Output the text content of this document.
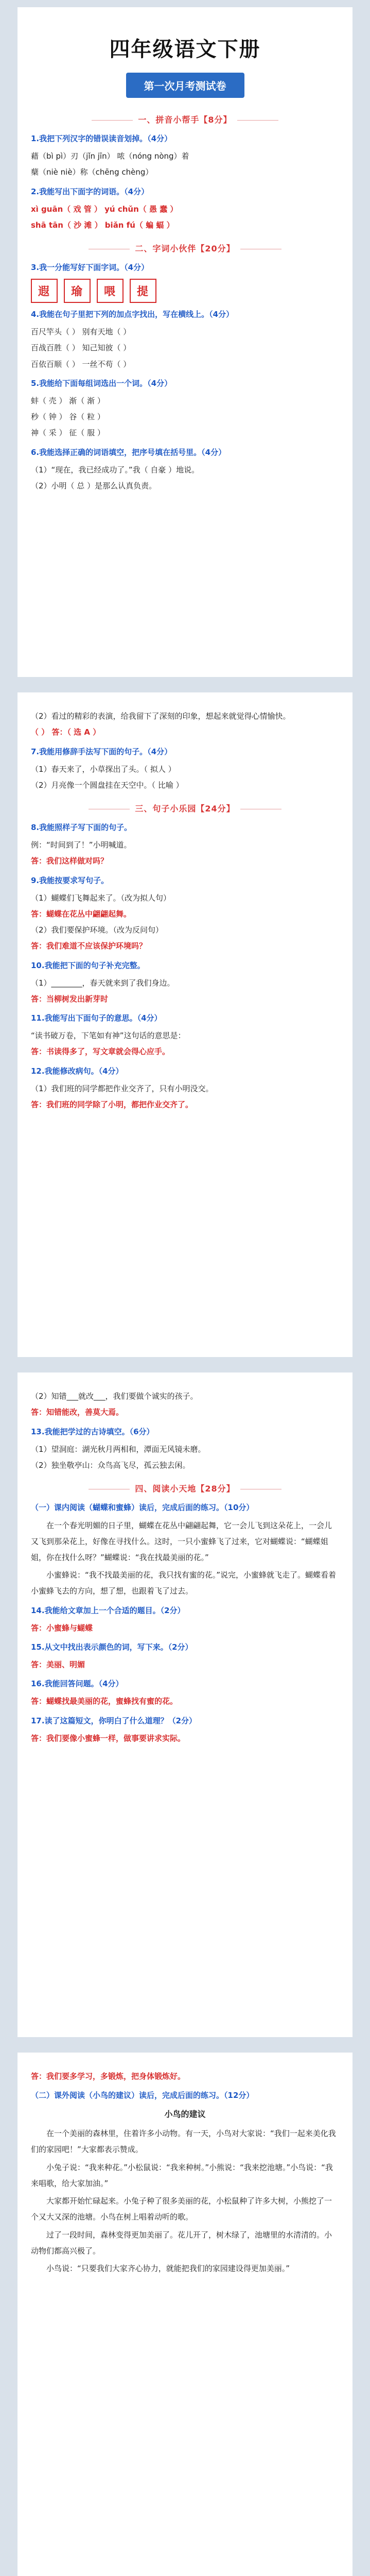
四年级语文下册
第一次月考测试卷
一、拼音小帮手【8分】
1.我把下列汉字的错误读音划掉。（4分）
藉（bì pì）刃（jǐn jīn） 哝（nóng nòng）着
蘖（niè niè）称（chēng chèng）
2.我能写出下面字的词语。（4分）
xì guān（ 戏 管 ） yú chǔn（ 愚 蠢 ）
shā tān（ 沙 滩 ） biǎn fú（ 蝙 蝠 ）
二、字词小伙伴【20分】
3.我一分能写好下面字词。（4分）
遐	瑜	喂	提
4.我能在句子里把下列的加点字找出，写在横线上。（4分）
百尺竿头（ ） 别有天地（ ）
百战百胜（ ） 知己知彼（ ）
百依百顺（ ） 一丝不苟（ ）
5.我能给下面每组词选出一个词。（4分）
蚌（ 壳 ） 渐（ 渐 ）
秒（ 钟 ） 谷（ 粒 ）
神（ 采 ） 征（ 服 ）
6.我能选择正确的词语填空，把序号填在括号里。（4分）
（1）“现在，我已经成功了。”我（ 自豪 ）地说。
（2）小明（ 总 ）是那么认真负责。
（2）看过的精彩的表演，给我留下了深刻的印象，想起来就觉得心情愉快。
（ ） 答：（ 选 A ）
7.我能用修辞手法写下面的句子。（4分）
（1）春天来了，小草探出了头。（ 拟人 ）
（2）月亮像一个圆盘挂在天空中。（ 比喻 ）
三、句子小乐园【24分】
8.我能照样子写下面的句子。
例：“时间到了！”小明喊道。
答：我们这样做对吗？
9.我能按要求写句子。
（1）蝴蝶们飞舞起来了。（改为拟人句）
答：蝴蝶在花丛中翩翩起舞。
（2）我们要保护环境。（改为反问句）
答：我们难道不应该保护环境吗？
10.我能把下面的句子补充完整。
（1）________，春天就来到了我们身边。
答：当柳树发出新芽时
11.我能写出下面句子的意思。（4分）
“读书破万卷，下笔如有神”这句话的意思是：
答：书读得多了，写文章就会得心应手。
12.我能修改病句。（4分）
（1）我们班的同学都把作业交齐了，只有小明没交。
答：我们班的同学除了小明，都把作业交齐了。
（2）知错___就改___，我们要做个诚实的孩子。
答：知错能改，善莫大焉。
13.我能把学过的古诗填空。（6分）
（1）望洞庭：湖光秋月两相和，潭面无风镜未磨。
（2）独坐敬亭山：众鸟高飞尽，孤云独去闲。
四、阅读小天地【28分】
（一）课内阅读（蝴蝶和蜜蜂）读后，完成后面的练习。（10分）
在一个春光明媚的日子里，蝴蝶在花丛中翩翩起舞，它一会儿飞到这朵花上，一会儿又飞到那朵花上，好像在寻找什么。这时，一只小蜜蜂飞了过来，它对蝴蝶说：“蝴蝶姐姐，你在找什么呀？”蝴蝶说：“我在找最美丽的花。”
小蜜蜂说：“我不找最美丽的花，我只找有蜜的花。”说完，小蜜蜂就飞走了。蝴蝶看着小蜜蜂飞去的方向，想了想，也跟着飞了过去。
14.我能给文章加上一个合适的题目。（2分）
答：小蜜蜂与蝴蝶
15.从文中找出表示颜色的词，写下来。（2分）
答：美丽、明媚
16.我能回答问题。（4分）
答：蝴蝶找最美丽的花，蜜蜂找有蜜的花。
17.读了这篇短文，你明白了什么道理？（2分）
答：我们要像小蜜蜂一样，做事要讲求实际。
答：我们要多学习，多锻炼，把身体锻炼好。
（二）课外阅读（小鸟的建议）读后，完成后面的练习。（12分）
小鸟的建议
在一个美丽的森林里，住着许多小动物。有一天，小鸟对大家说：“我们一起来美化我们的家园吧！”大家都表示赞成。
小兔子说：“我来种花。”小松鼠说：“我来种树。”小熊说：“我来挖池塘。”小鸟说：“我来唱歌，给大家加油。”
大家都开始忙碌起来。小兔子种了很多美丽的花，小松鼠种了许多大树，小熊挖了一个又大又深的池塘。小鸟在树上唱着动听的歌。
过了一段时间，森林变得更加美丽了。花儿开了，树木绿了，池塘里的水清清的。小动物们都高兴极了。
小鸟说：“只要我们大家齐心协力，就能把我们的家园建设得更加美丽。”
